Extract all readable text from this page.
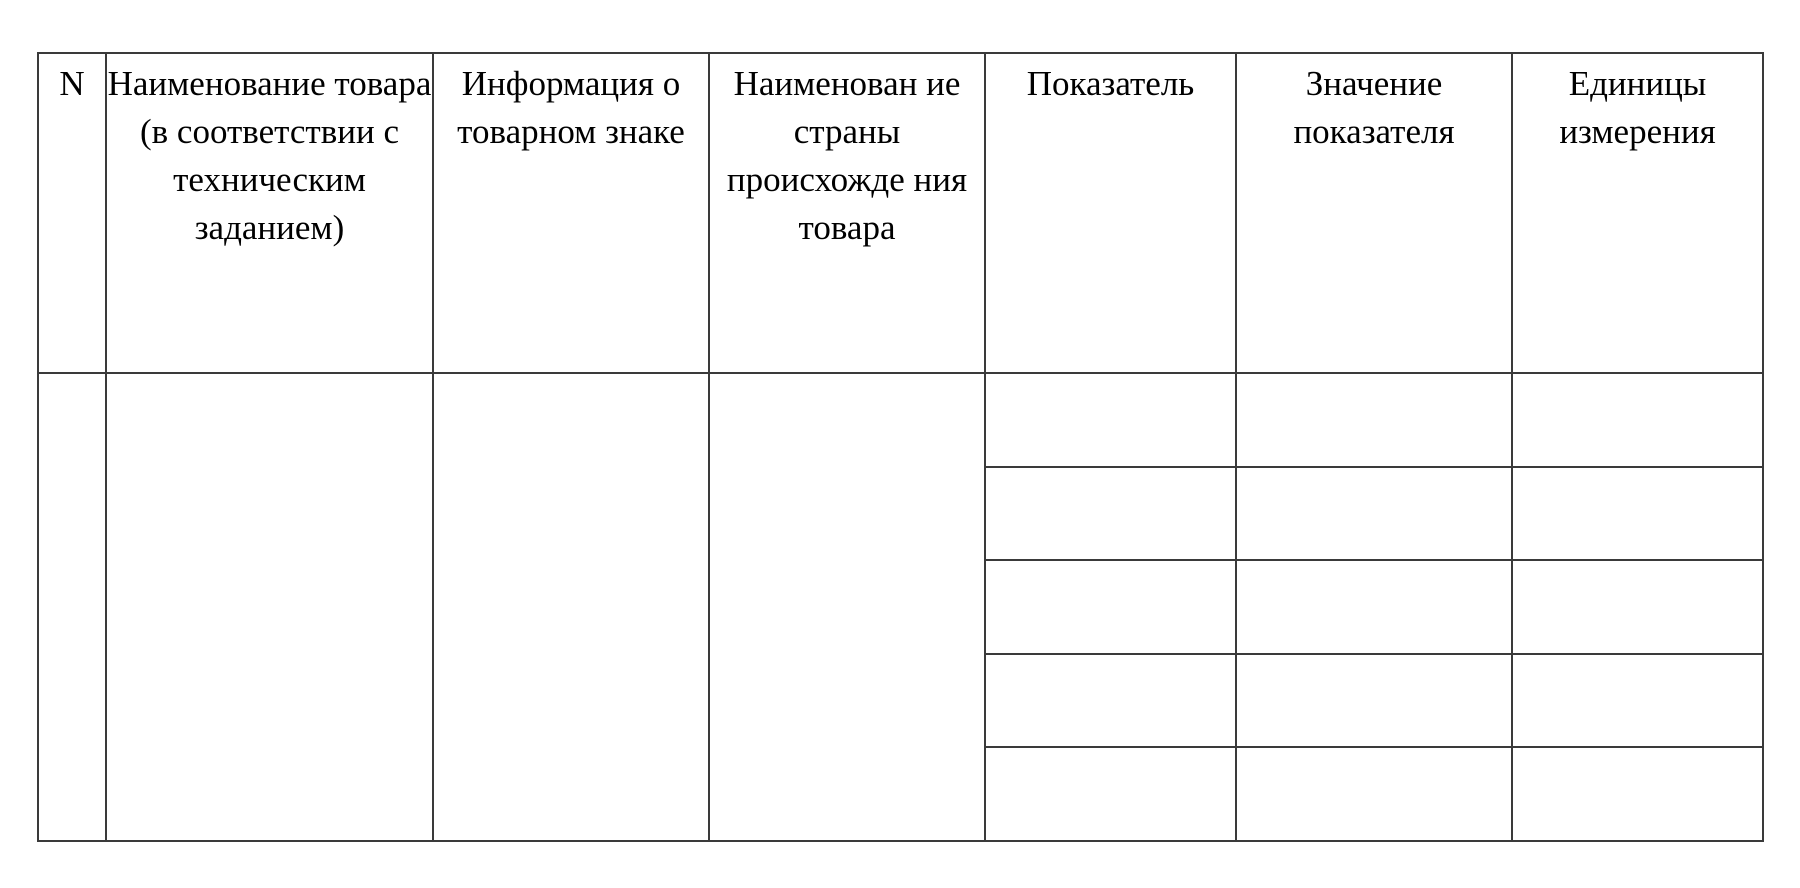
N	Наименование товара (в соответствии с техническим заданием)	Информация о товарном знаке	Наименован ие страны происхожде ния товара	Показатель	Значение показателя	Единицы измерения
